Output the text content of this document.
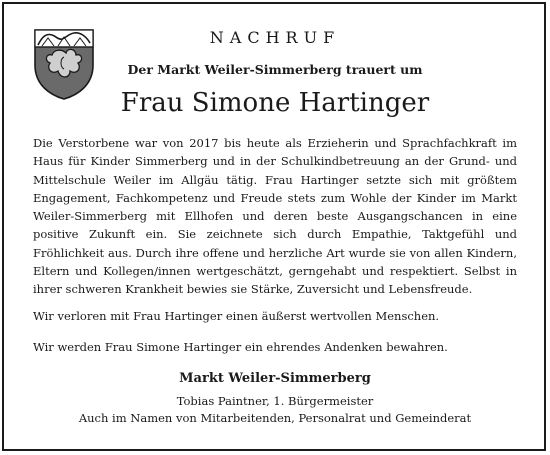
NACHRUF
Der Markt Weiler-Simmerberg trauert um
Frau Simone Hartinger

Die Verstorbene war von 2017 bis heute als Erzieherin und Sprachfachkraft im Haus für Kinder Simmerberg und in der Schulkindbetreuung an der Grund- und Mittelschule Weiler im Allgäu tätig. Frau Hartinger setzte sich mit größtem Engagement, Fachkompetenz und Freude stets zum Wohle der Kinder im Markt Weiler-Simmerberg mit Ellhofen und deren beste Ausgangschancen in eine positive Zukunft ein. Sie zeichnete sich durch Empathie, Taktgefühl und Fröhlichkeit aus. Durch ihre offene und herzliche Art wurde sie von allen Kindern, Eltern und Kollegen/innen wertgeschätzt, gerngehabt und respektiert. Selbst in ihrer schweren Krankheit bewies sie Stärke, Zuversicht und Lebensfreude.

Wir verloren mit Frau Hartinger einen äußerst wertvollen Menschen.

Wir werden Frau Simone Hartinger ein ehrendes Andenken bewahren.

Markt Weiler-Simmerberg
Tobias Paintner, 1. Bürgermeister
Auch im Namen von Mitarbeitenden, Personalrat und Gemeinderat
